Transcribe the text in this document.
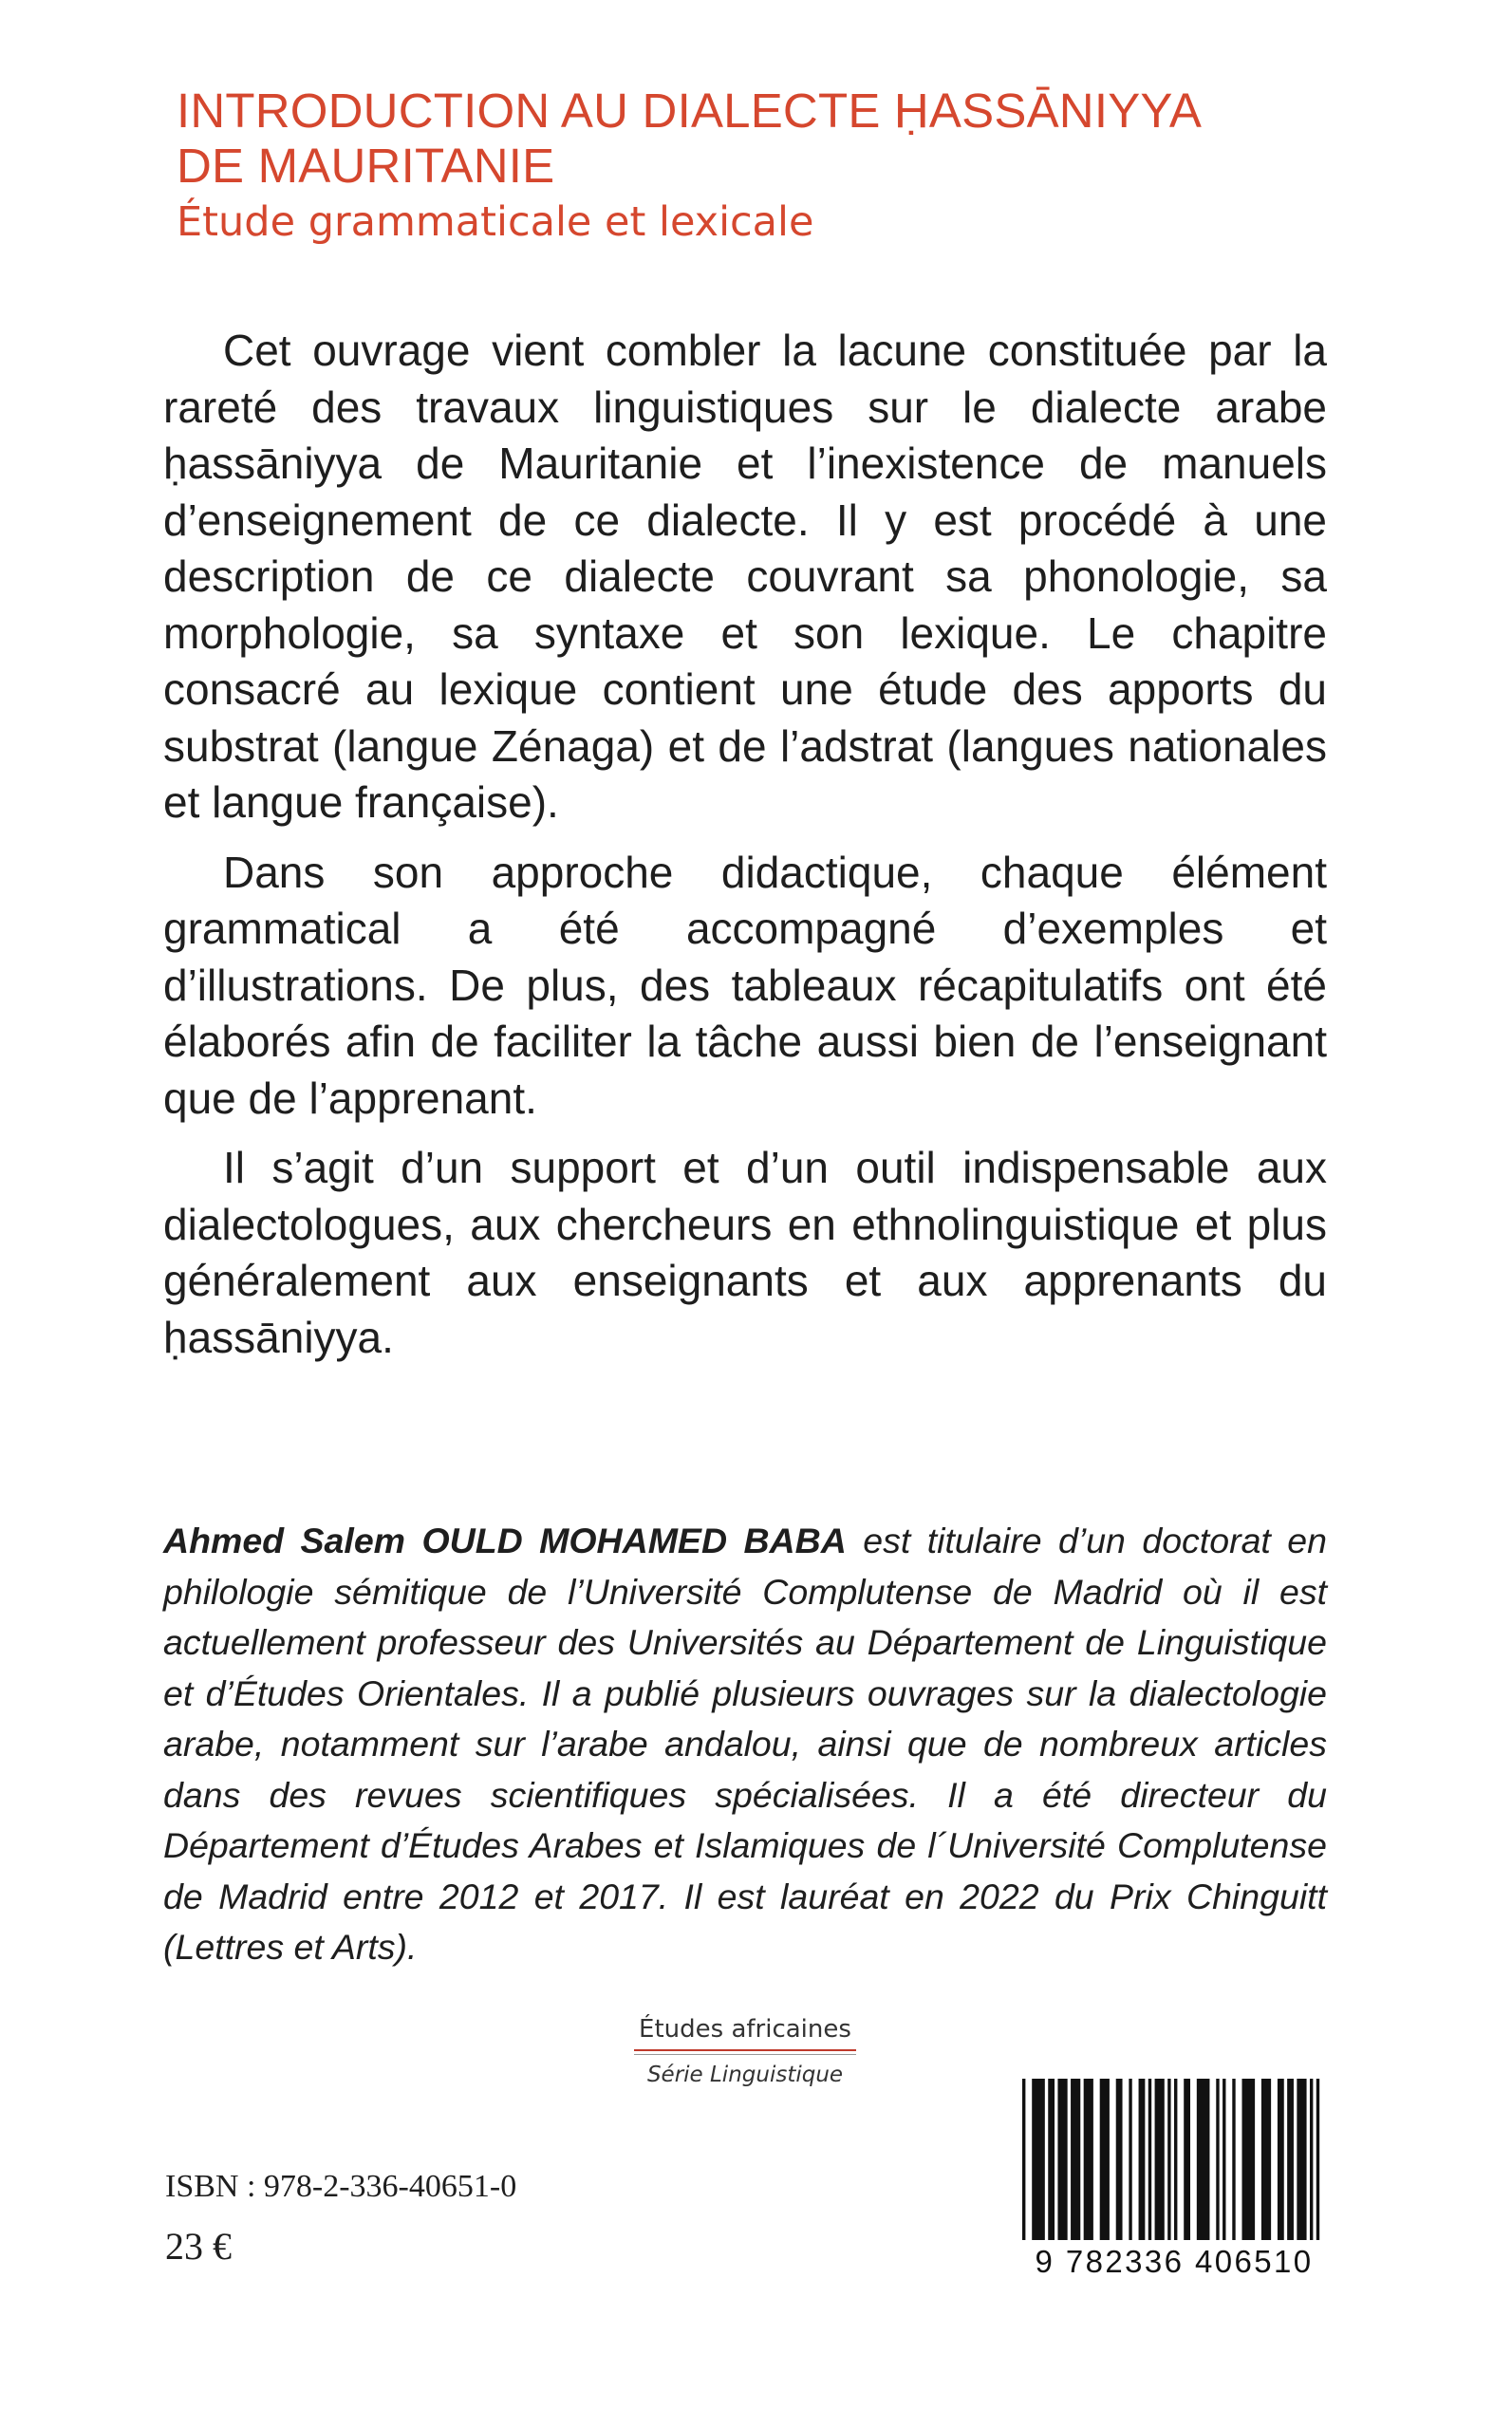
INTRODUCTION AU DIALECTE ḤASSĀNIYYA
DE MAURITANIE
Étude grammaticale et lexicale

Cet ouvrage vient combler la lacune constituée par la rareté des travaux linguistiques sur le dialecte arabe ḥassāniyya de Mauritanie et l’inexistence de manuels d’enseignement de ce dialecte. Il y est procédé à une description de ce dialecte couvrant sa phonologie, sa morphologie, sa syntaxe et son lexique. Le chapitre consacré au lexique contient une étude des apports du substrat (langue Zénaga) et de l’adstrat (langues nationales et langue française).

Dans son approche didactique, chaque élément grammatical a été accompagné d’exemples et d’illustrations. De plus, des tableaux récapitulatifs ont été élaborés afin de faciliter la tâche aussi bien de l’enseignant que de l’apprenant.

Il s’agit d’un support et d’un outil indispensable aux dialectologues, aux chercheurs en ethnolinguistique et plus généralement aux enseignants et aux apprenants du ḥassāniyya.

Ahmed Salem OULD MOHAMED BABA est titulaire d’un doctorat en philologie sémitique de l’Université Complutense de Madrid où il est actuellement professeur des Universités au Département de Linguistique et d’Études Orientales. Il a publié plusieurs ouvrages sur la dialectologie arabe, notamment sur l’arabe andalou, ainsi que de nombreux articles dans des revues scientifiques spécialisées. Il a été directeur du Département d’Études Arabes et Islamiques de l´Université Complutense de Madrid entre 2012 et 2017. Il est lauréat en 2022 du Prix Chinguitt (Lettres et Arts).
Études africaines
Série Linguistique
ISBN : 978-2-336-40651-0
23 €	9 782336 406510
